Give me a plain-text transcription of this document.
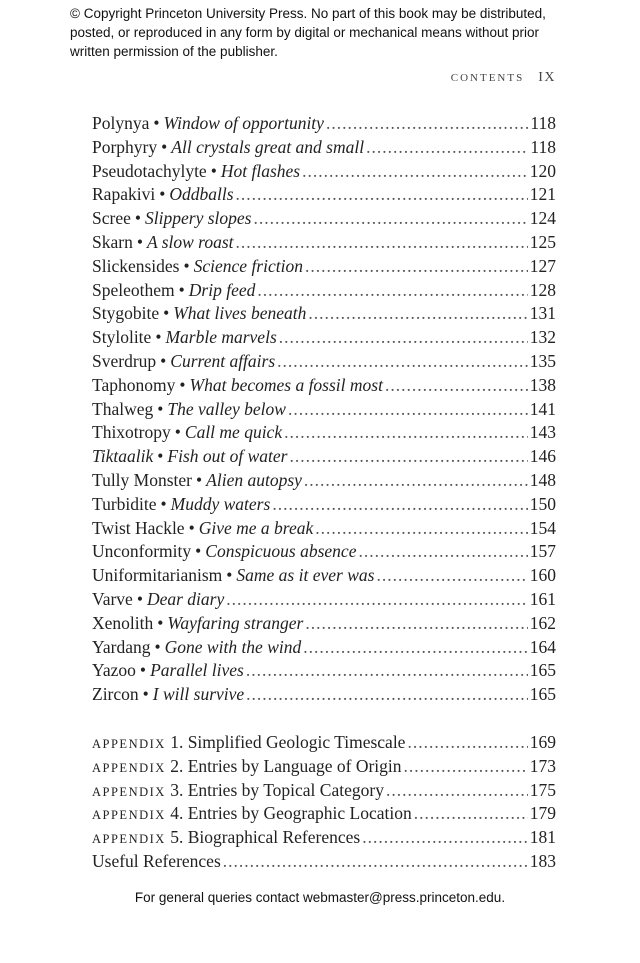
© Copyright Princeton University Press. No part of this book may be distributed, posted, or reproduced in any form by digital or mechanical means without prior written permission of the publisher.
CONTENTS IX
Polynya • Window of opportunity .....	118
Porphyry • All crystals great and small .....	118
Pseudotachylyte • Hot flashes .....	120
Rapakivi • Oddballs .....	121
Scree • Slippery slopes .....	124
Skarn • A slow roast .....	125
Slickensides • Science friction .....	127
Speleothem • Drip feed .....	128
Stygobite • What lives beneath .....	131
Stylolite • Marble marvels .....	132
Sverdrup • Current affairs .....	135
Taphonomy • What becomes a fossil most .....	138
Thalweg • The valley below .....	141
Thixotropy • Call me quick .....	143
Tiktaalik • Fish out of water .....	146
Tully Monster • Alien autopsy .....	148
Turbidite • Muddy waters .....	150
Twist Hackle • Give me a break .....	154
Unconformity • Conspicuous absence .....	157
Uniformitarianism • Same as it ever was .....	160
Varve • Dear diary .....	161
Xenolith • Wayfaring stranger .....	162
Yardang • Gone with the wind .....	164
Yazoo • Parallel lives .....	165
Zircon • I will survive .....	165
APPENDIX 1. Simplified Geologic Timescale .....	169
APPENDIX 2. Entries by Language of Origin .....	173
APPENDIX 3. Entries by Topical Category .....	175
APPENDIX 4. Entries by Geographic Location .....	179
APPENDIX 5. Biographical References .....	181
Useful References .....	183
For general queries contact webmaster@press.princeton.edu.
